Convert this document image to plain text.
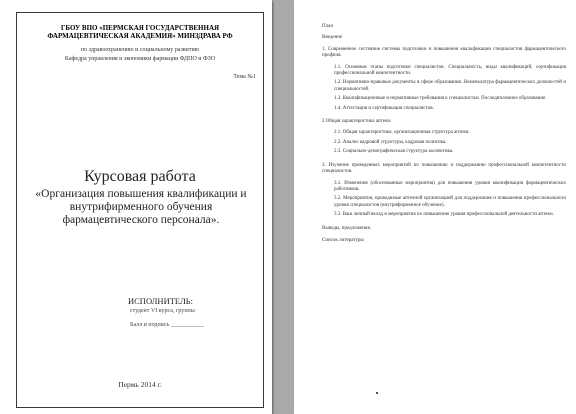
ГБОУ ВПО «ПЕРМСКАЯ ГОСУДАРСТВЕННАЯ ФАРМАЦЕВТИЧЕСКАЯ АКАДЕМИЯ» МИНЗДРАВА РФ
по здравоохранению и социальному развитию
Кафедра управления и экономики фармации ФДПО и ФЗО
Тема №1
Курсовая работа
«Организация повышения квалификации и внутрифирменного обучения фармацевтического персонала».
ИСПОЛНИТЕЛЬ:
студент VI курса, группы
Балл и подпись ___________
Пермь 2014 г.

План

Введение

1. Современное состояние системы подготовки и повышения квалификации специалистов фармацевтического профиля.

1.1. Основные этапы подготовки специалистов. Специальность, виды квалификаций, сертификация профессиональной компетентности.

1.2. Нормативно-правовые документы в сфере образования. Номенклатура фармацевтических должностей и специальностей.

1.3. Квалификационные и нормативные требования к специалистам. Последипломное образование.

1.4. Аттестация и сертификация специалистов.

2.Общая характеристика аптеки.

2.1. Общая характеристика, организационная структура аптеки.

2.2. Анализ кадровой структуры, кадровая политика.

2.3. Социально-демографическая структура коллектива.

3. Изучение проведенных мероприятий по повышению и поддержанию профессиональной компетентности специалистов.

3.1. Изменения (обоснованные мероприятия) для повышения уровня квалификации фармацевтических работников.

3.2. Мероприятия, проводимые аптечной организацией для поддержания и повышения профессионального уровня специалистов (внутрифирменное обучение).

3.3. Ваш личный вклад в мероприятия по повышению уровня профессиональной деятельности аптеки.

Выводы, предложения.

Список литературы
